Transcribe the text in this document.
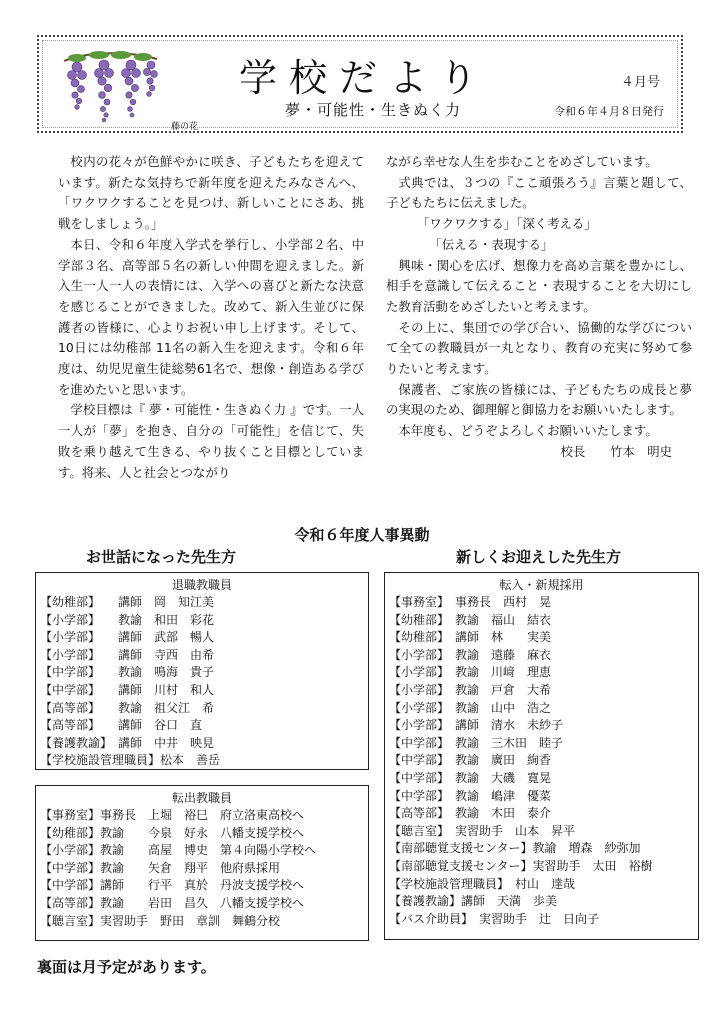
藤の花
学校だより	４月号
夢・可能性・生きぬく力	令和６年４月８日発行

校内の花々が色鮮やかに咲き、子どもたちを迎えています。新たな気持ちで新年度を迎えたみなさんへ、「ワクワクすることを見つけ、新しいことにさあ、挑戦をしましょう。」

本日、令和６年度入学式を挙行し、小学部２名、中学部３名、高等部５名の新しい仲間を迎えました。新入生一人一人の表情には、入学への喜びと新たな決意を感じることができました。改めて、新入生並びに保護者の皆様に、心よりお祝い申し上げます。そして、10日には幼稚部 11名の新入生を迎えます。令和６年度は、幼児児童生徒総勢61名で、想像・創造ある学びを進めたいと思います。

学校目標は『 夢・可能性・生きぬく力 』です。一人一人が「夢」を抱き、自分の「可能性」を信じて、失敗を乗り越えて生きる、やり抜くこと目標としています。将来、人と社会とつながり

ながら幸せな人生を歩むことをめざしています。

式典では、３つの『ここ頑張ろう』言葉と題して、子どもたちに伝えました。

「ワクワクする」「深く考える」

「伝える・表現する」

興味・関心を広げ、想像力を高め言葉を豊かにし、相手を意識して伝えること・表現することを大切にした教育活動をめざしたいと考えます。

その上に、集団での学び合い、協働的な学びについて全ての教職員が一丸となり、教育の充実に努めて参りたいと考えます。

保護者、ご家族の皆様には、子どもたちの成長と夢の実現のため、御理解と御協力をお願いいたします。

本年度も、どうぞよろしくお願いいたします。

校長　　竹本　明史

令和６年度人事異動
お世話になった先生方	新しくお迎えした先生方
退職教職員
【幼稚部】　　講師　岡　知江美
【小学部】　　教諭　和田　彩花
【小学部】　　講師　武部　暢人
【小学部】　　講師　寺西　由希
【中学部】　　教諭　鳴海　貴子
【中学部】　　講師　川村　和人
【高等部】　　教諭　祖父江　希
【高等部】　　講師　谷口　直
【養護教諭】　講師　中井　映見
【学校施設管理職員】松本　善岳
転出教職員
【事務室】事務長　上堀　裕巳　府立洛東高校へ
【幼稚部】教諭　　今泉　好永　八幡支援学校へ
【小学部】教諭　　高屋　博史　第４向陽小学校へ
【中学部】教諭　　矢倉　翔平　他府県採用
【中学部】講師　　行平　真於　丹波支援学校へ
【高等部】教諭　　岩田　昌久　八幡支援学校へ
【聴言室】実習助手　野田　章訓　舞鶴分校
転入・新規採用
【事務室】　事務長　西村　晃
【幼稚部】　教諭　福山　結衣
【幼稚部】　講師　林　　実美
【小学部】　教諭　遠藤　麻衣
【小学部】　教諭　川﨑　理恵
【小学部】　教諭　戸倉　大希
【小学部】　教諭　山中　浩之
【小学部】　講師　清水　未紗子
【中学部】　教諭　三木田　睦子
【中学部】　教諭　廣田　絢香
【中学部】　教諭　大磯　寛晃
【中学部】　教諭　嶋津　優菜
【高等部】　教諭　木田　泰介
【聴言室】　実習助手　山本　昇平
【南部聴覚支援センター】教諭　増森　紗弥加
【南部聴覚支援センター】実習助手　太田　裕樹
【学校施設管理職員】　村山　達哉
【養護教諭】講師　天満　歩美
【バス介助員】　実習助手　辻　日向子
裏面は月予定があります。
